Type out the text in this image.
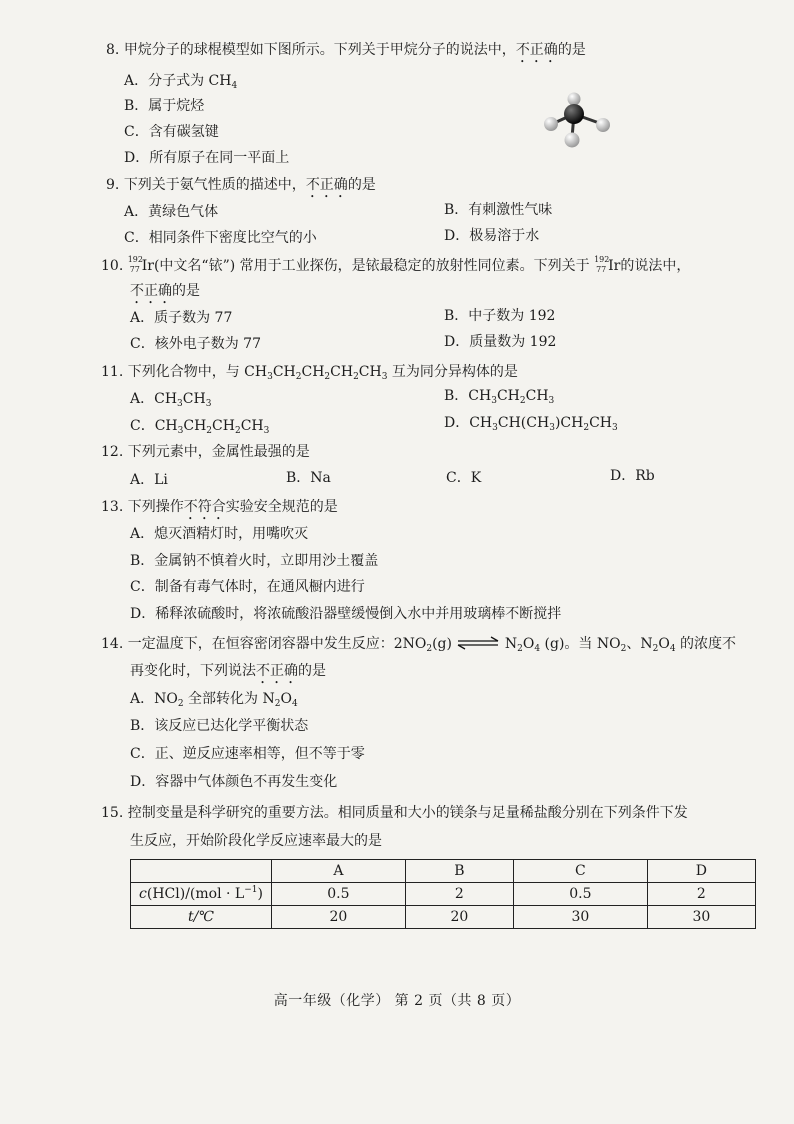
8. 甲烷分子的球棍模型如下图所示。下列关于甲烷分子的说法中，不正确的是
A．分子式为 $CH_4$
B．属于烷烃
C．含有碳氢键
D．所有原子在同一平面上
9. 下列关于氨气性质的描述中，不正确的是
A．黄绿色气体	B．有刺激性气味
C．相同条件下密度比空气的小	D．极易溶于水
10. 192
77 Ir(中文名“铱”) 常用于工业探伤，是铱最稳定的放射性同位素。下列关于 192
77 Ir的说法中，
不正确的是
A．质子数为 77	B．中子数为 192
C．核外电子数为 77	D．质量数为 192
11. 下列化合物中，与 $CH_3CH_2CH_2CH_2CH_3$ 互为同分异构体的是
A．$CH_3CH_3$	B．$CH_3CH_2CH_3$
C．$CH_3CH_2CH_2CH_3$	D．$CH_3CH(CH_3)CH_2CH_3$
12. 下列元素中，金属性最强的是
A．Li	B．Na	C．K	D．Rb
13. 下列操作不符合实验安全规范的是
A．熄灭酒精灯时，用嘴吹灭
B．金属钠不慎着火时，立即用沙土覆盖
C．制备有毒气体时，在通风橱内进行
D．稀释浓硫酸时，将浓硫酸沿器壁缓慢倒入水中并用玻璃棒不断搅拌
14. 一定温度下，在恒容密闭容器中发生反应：$2NO_2(g)$ ⇌ $N_2O_4$ (g)。当 $NO_2$、$N_2O_4$ 的浓度不
再变化时，下列说法不正确的是
A．$NO_2$ 全部转化为 $N_2O_4$
B．该反应已达化学平衡状态
C．正、逆反应速率相等，但不等于零
D．容器中气体颜色不再发生变化
15. 控制变量是科学研究的重要方法。相同质量和大小的镁条与足量稀盐酸分别在下列条件下发
生反应，开始阶段化学反应速率最大的是
	A	B	C	D
$c(HCl)/(mol \cdot L^{-1})$	0.5	2	0.5	2
t/℃	20	20	30	30
高一年级（化学） 第 2 页（共 8 页）
